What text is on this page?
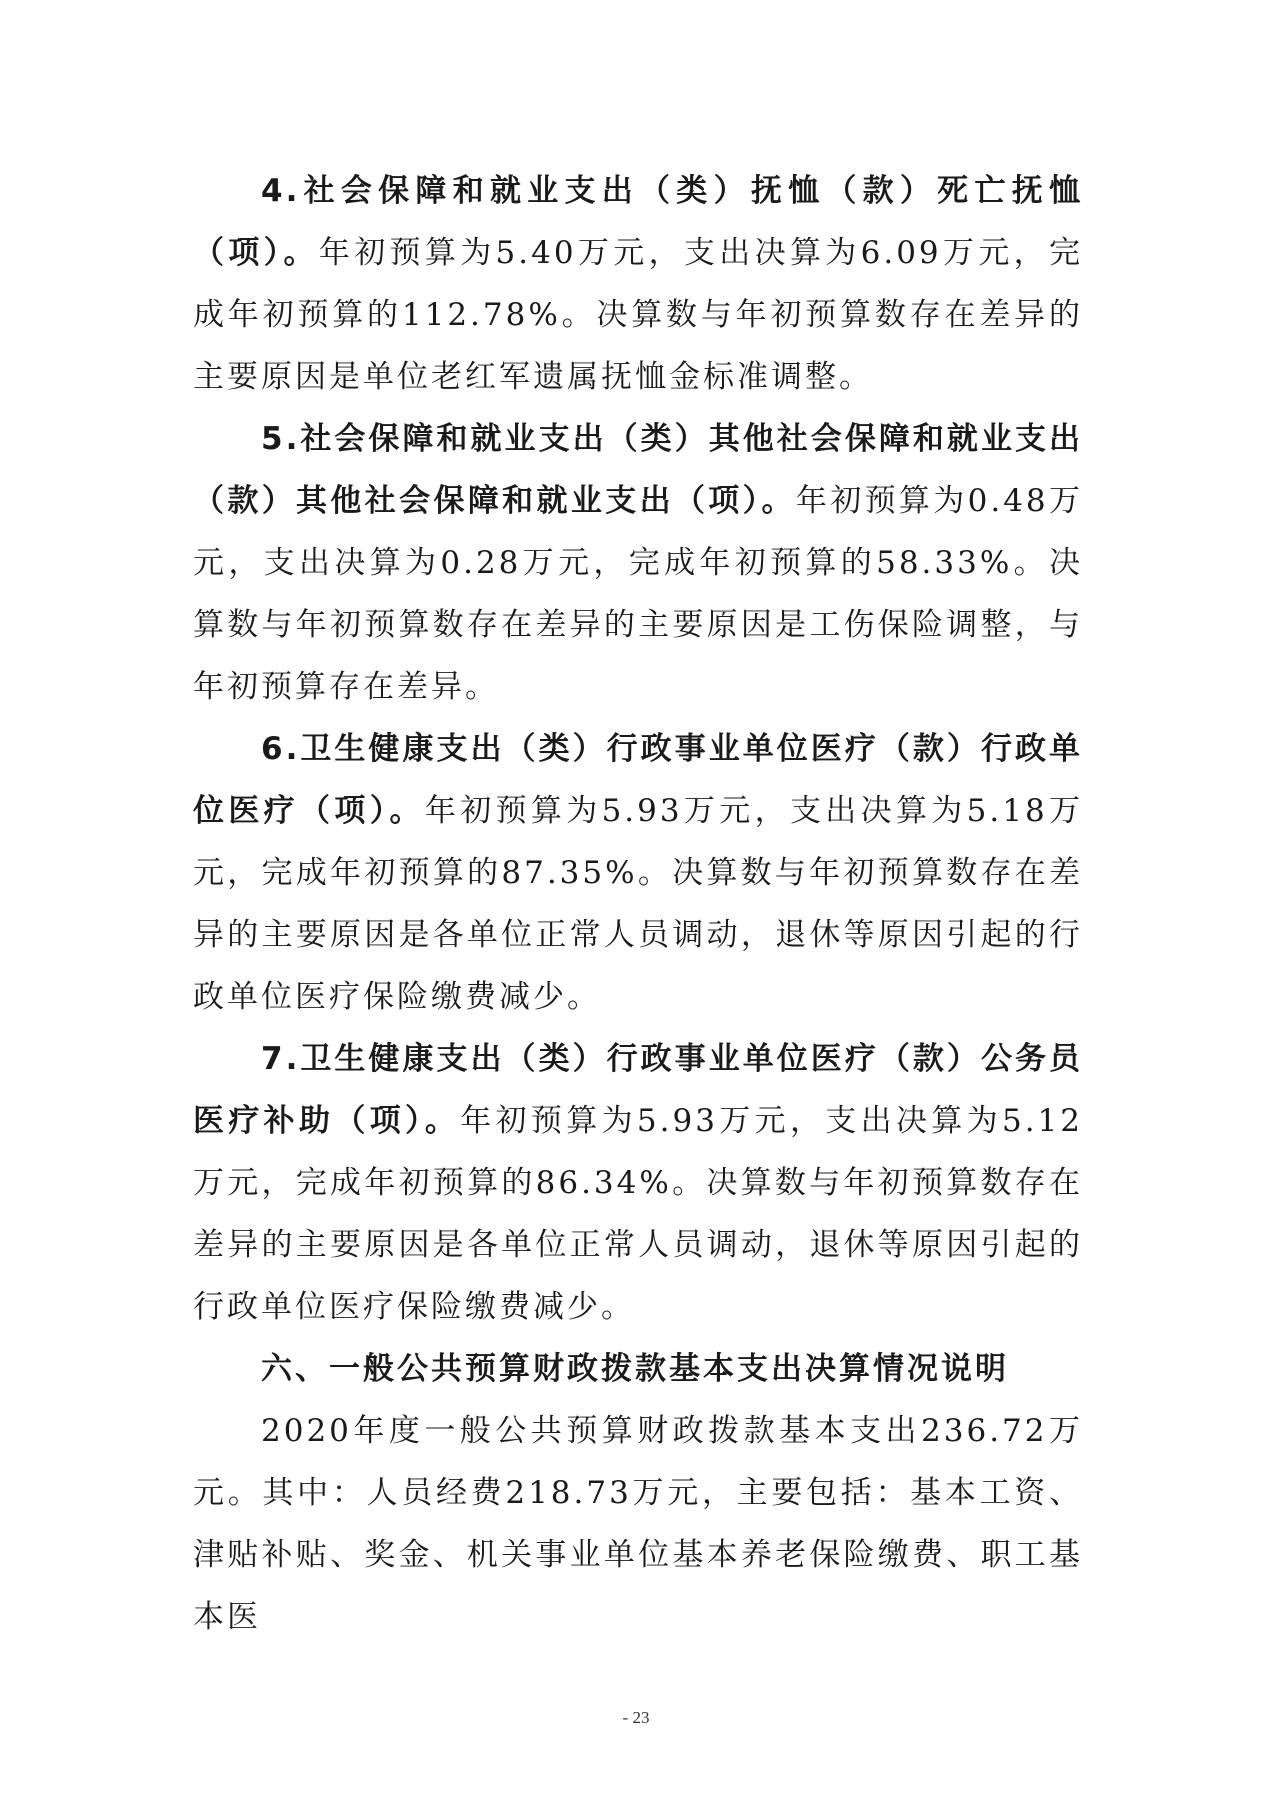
4.社会保障和就业支出（类）抚恤（款）死亡抚恤（项）。年初预算为5.40万元，支出决算为6.09万元，完成年初预算的112.78%。决算数与年初预算数存在差异的主要原因是单位老红军遗属抚恤金标准调整。

5.社会保障和就业支出（类）其他社会保障和就业支出（款）其他社会保障和就业支出（项）。年初预算为0.48万元，支出决算为0.28万元，完成年初预算的58.33%。决算数与年初预算数存在差异的主要原因是工伤保险调整，与年初预算存在差异。

6.卫生健康支出（类）行政事业单位医疗（款）行政单位医疗（项）。年初预算为5.93万元，支出决算为5.18万元，完成年初预算的87.35%。决算数与年初预算数存在差异的主要原因是各单位正常人员调动，退休等原因引起的行政单位医疗保险缴费减少。

7.卫生健康支出（类）行政事业单位医疗（款）公务员医疗补助（项）。年初预算为5.93万元，支出决算为5.12万元，完成年初预算的86.34%。决算数与年初预算数存在差异的主要原因是各单位正常人员调动，退休等原因引起的行政单位医疗保险缴费减少。

六、一般公共预算财政拨款基本支出决算情况说明

2020年度一般公共预算财政拨款基本支出236.72万元。其中：人员经费218.73万元，主要包括：基本工资、津贴补贴、奖金、机关事业单位基本养老保险缴费、职工基本医

- 23
